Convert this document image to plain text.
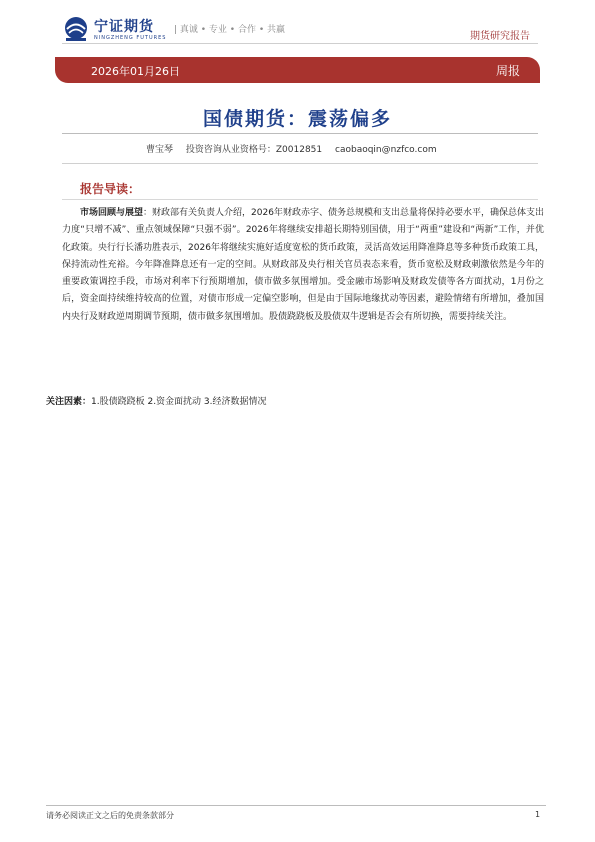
宁证期货
NINGZHENG FUTURES
| 真诚 • 专业 • 合作 • 共赢
期货研究报告
2026年01月26日	周报
国债期货：震荡偏多
曹宝琴 投资咨询从业资格号：Z0012851 caobaoqin@nzfco.com
报告导读：
市场回顾与展望：财政部有关负责人介绍，2026年财政赤字、债务总规模和支出总量将保持必要水平，确保总体支出力度“只增不减”、重点领域保障“只强不弱”。2026年将继续安排超长期特别国债，用于“两重”建设和“两新”工作，并优化政策。央行行长潘功胜表示，2026年将继续实施好适度宽松的货币政策，灵活高效运用降准降息等多种货币政策工具，保持流动性充裕。今年降准降息还有一定的空间。从财政部及央行相关官员表态来看，货币宽松及财政刺激依然是今年的重要政策调控手段，市场对利率下行预期增加，债市做多氛围增加。受金融市场影响及财政发债等各方面扰动，1月份之后，资金面持续维持较高的位置，对债市形成一定偏空影响，但是由于国际地缘扰动等因素，避险情绪有所增加，叠加国内央行及财政逆周期调节预期，债市做多氛围增加。股债跷跷板及股债双牛逻辑是否会有所切换，需要持续关注。
关注因素：1.股债跷跷板 2.资金面扰动 3.经济数据情况
请务必阅读正文之后的免责条款部分	1
